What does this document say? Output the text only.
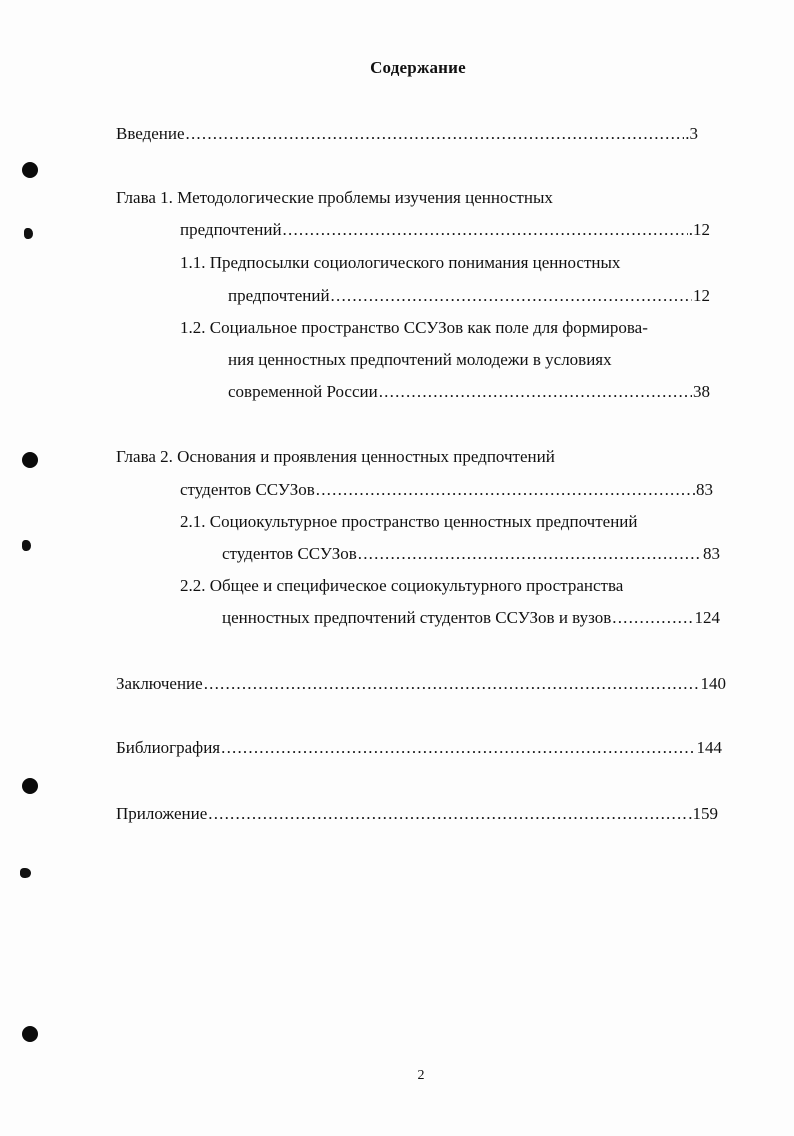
Содержание
Введение .....	.3
Глава 1. Методологические проблемы изучения ценностных
предпочтений .....	.12
1.1. Предпосылки социологического понимания ценностных
предпочтений .....	12
1.2. Социальное пространство ССУЗов как поле для формирова-
ния ценностных предпочтений молодежи в условиях
современной России .....	38
Глава 2. Основания и проявления ценностных предпочтений
студентов ССУЗов .....	83
2.1. Социокультурное пространство ценностных предпочтений
студентов ССУЗов .....	83
2.2. Общее и специфическое социокультурного пространства
ценностных предпочтений студентов ССУЗов и вузов .....	124
Заключение .....	140
Библиография .....	144
Приложение .....	.159
2
